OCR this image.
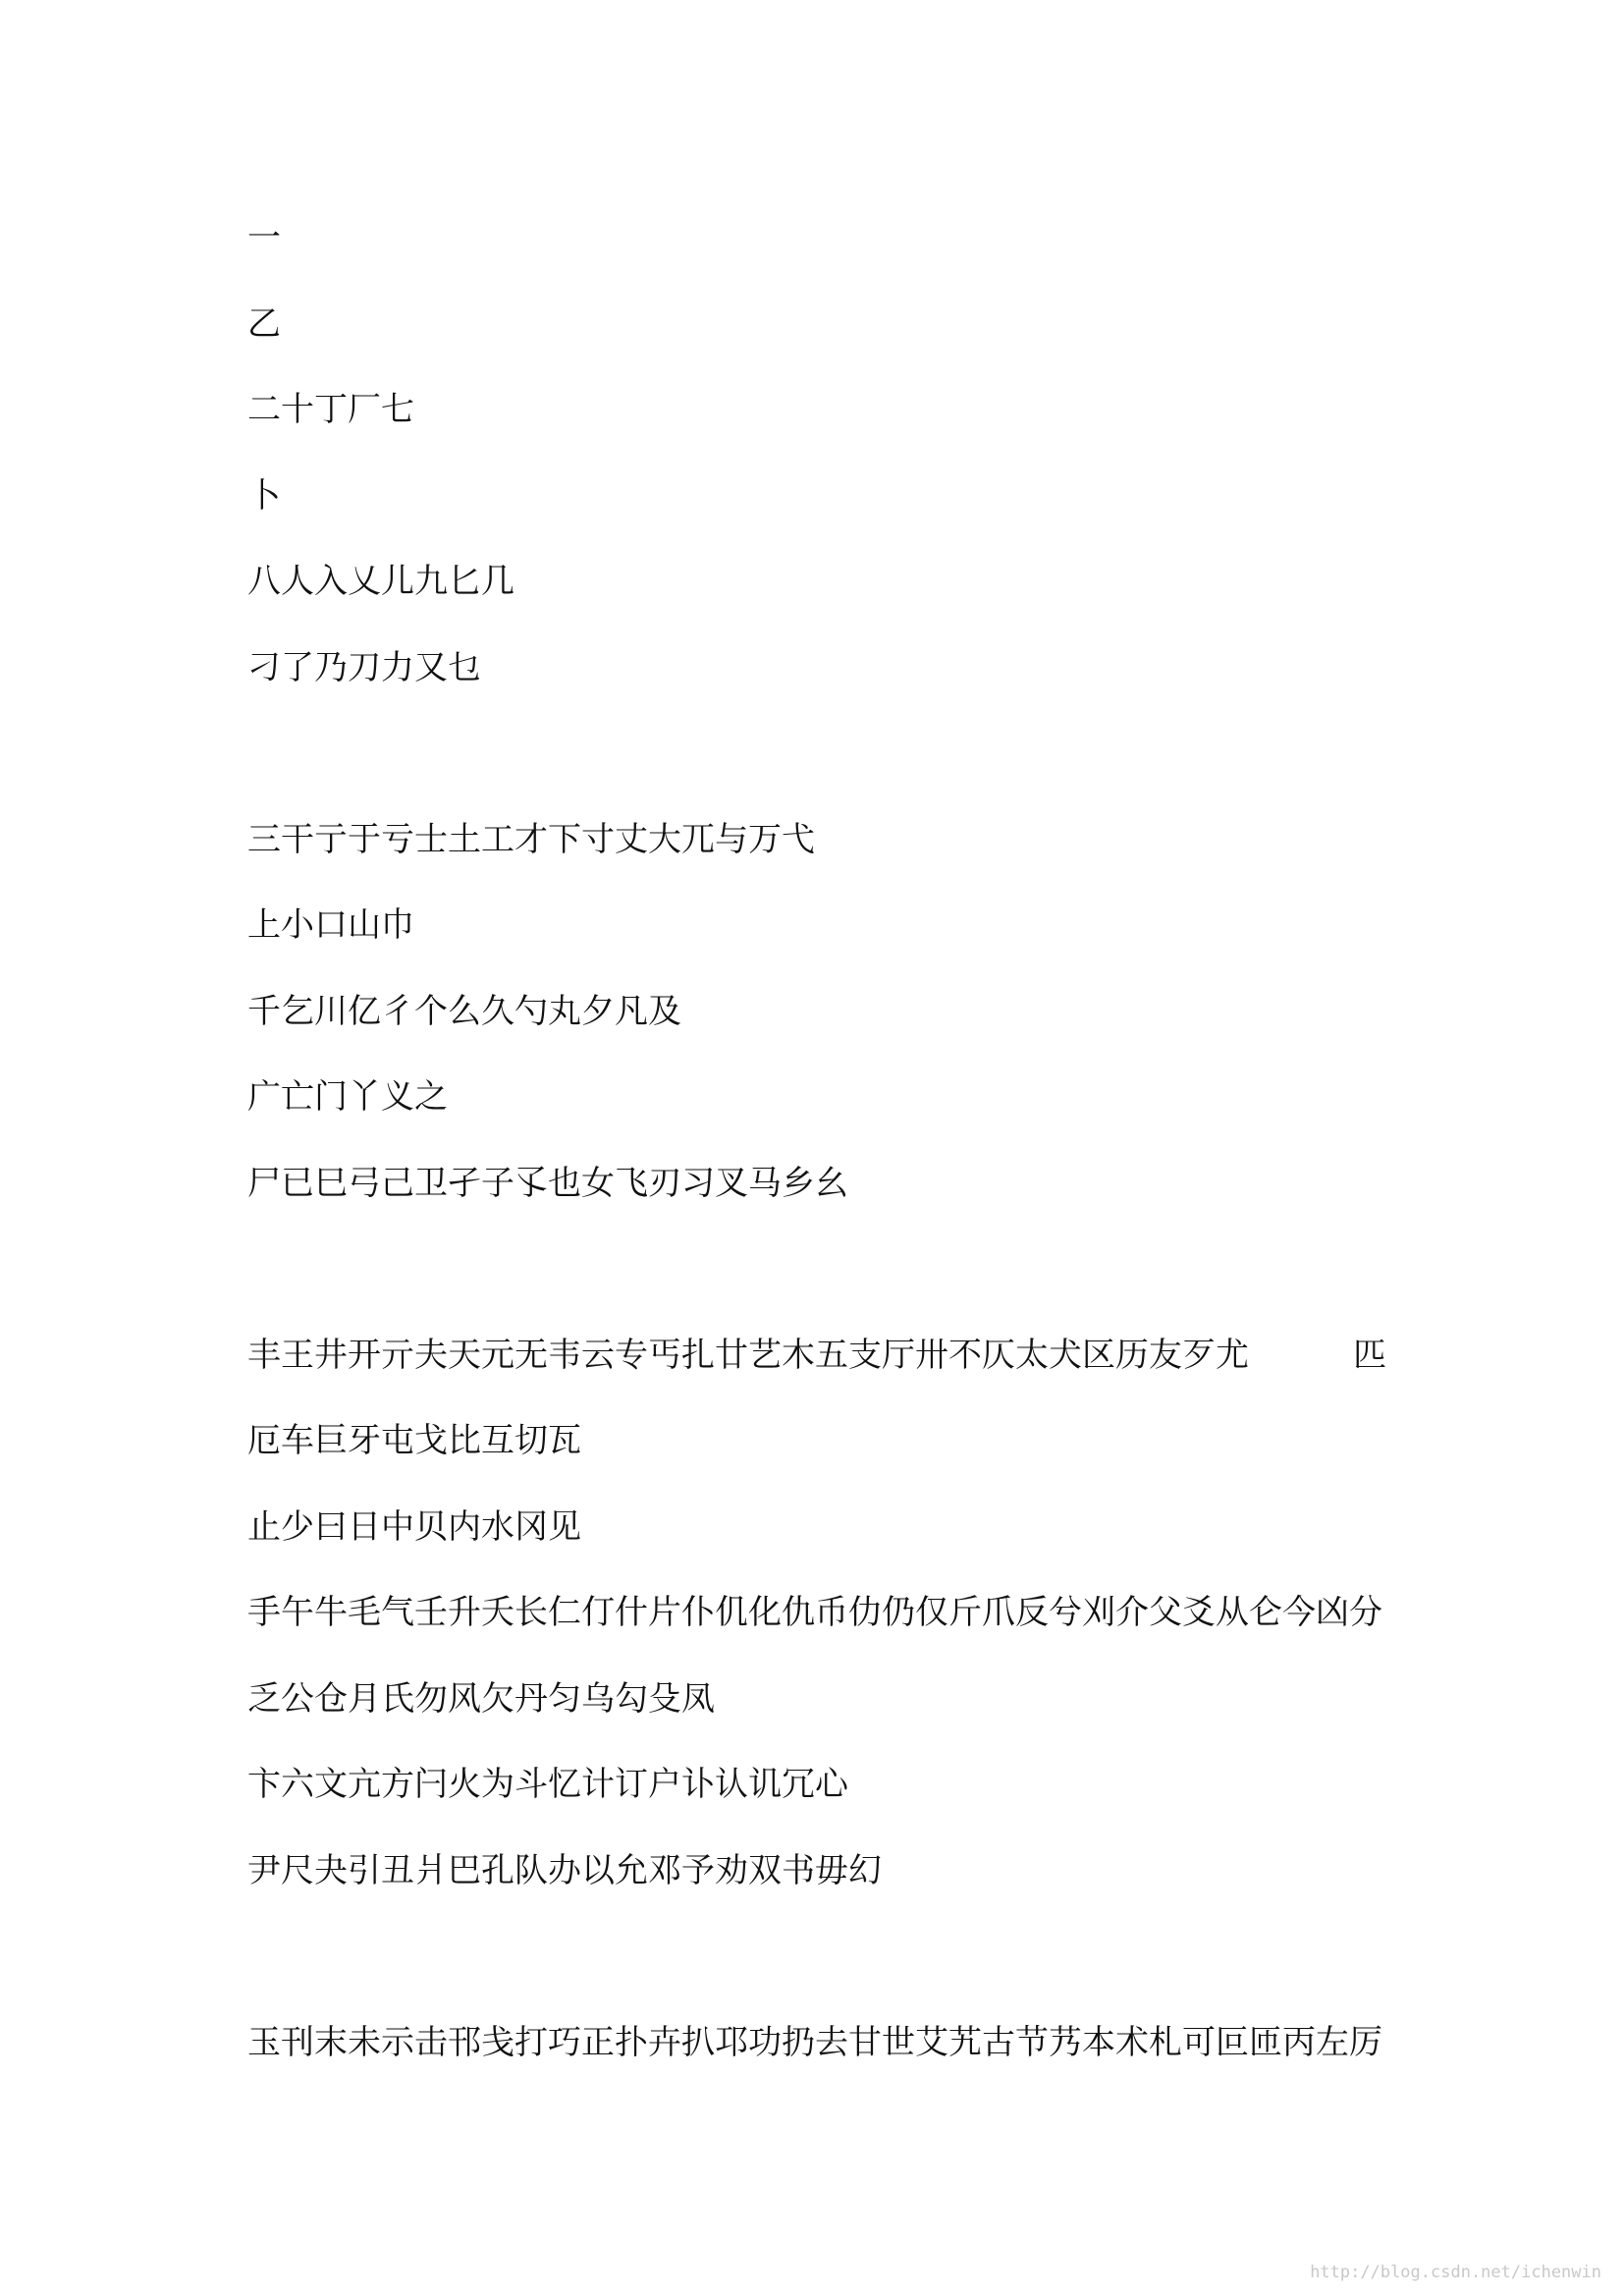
一
乙
二十丁厂七
卜
八人入乂儿九匕几
刁了乃刀力又乜
三干亍于亏士土工才下寸丈大兀与万弋
上小口山巾
千乞川亿彳个么久勺丸夕凡及
广亡门丫义之
尸已巳弓己卫孑子孓也女飞刃习叉马乡幺
丰王井开亓夫天元无韦云专丐扎廿艺木五支厅卅不仄太犬区历友歹尤	匹
厄车巨牙屯戈比互切瓦
止少曰日中贝内水冈见
手午牛毛气壬升夭长仁仃什片仆仉化仇币仂仍仅斤爪反兮刈介父爻从仑今凶分
乏公仓月氏勿风欠丹匀乌勾殳凤
卞六文亢方闩火为斗忆计订户讣认讥冗心
尹尺夬引丑爿巴孔队办以允邓予劝双书毋幻
玉刊末未示击邗戋打巧正扑卉扒邛功扔去甘世艾艽古节艿本术札可叵匝丙左厉
http://blog.csdn.net/ichenwin
